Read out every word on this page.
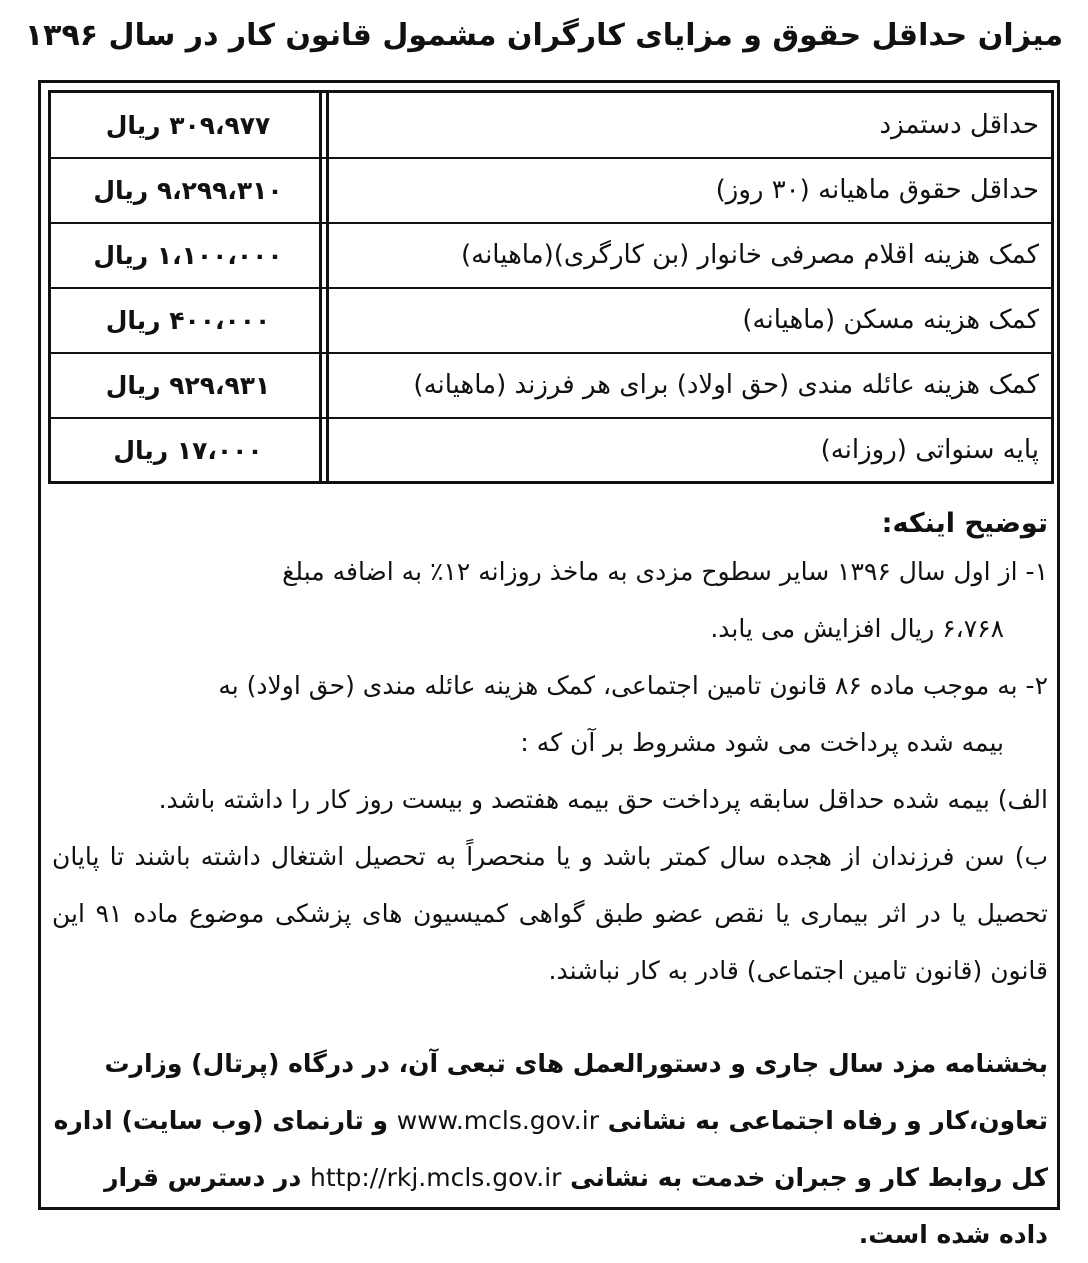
میزان حداقل حقوق و مزایای کارگران مشمول قانون کار در سال ۱۳۹۶
حداقل دستمزد
۳۰۹،۹۷۷ ریال
حداقل حقوق ماهیانه (۳۰ روز)
۹،۲۹۹،۳۱۰ ریال
کمک هزینه اقلام مصرفی خانوار (بن کارگری)(ماهیانه)
۱،۱۰۰،۰۰۰ ریال
کمک هزینه مسکن (ماهیانه)
۴۰۰،۰۰۰ ریال
کمک هزینه عائله مندی (حق اولاد) برای هر فرزند (ماهیانه)
۹۲۹،۹۳۱ ریال
پایه سنواتی (روزانه)
۱۷،۰۰۰ ریال
توضیح اینکه:

۱- از اول سال ۱۳۹۶ سایر سطوح مزدی به ماخذ روزانه ۱۲٪ به اضافه مبلغ

۶،۷۶۸ ریال افزایش می یابد.

۲- به موجب ماده ۸۶ قانون تامین اجتماعی، کمک هزینه عائله مندی (حق اولاد) به

بیمه شده پرداخت می شود مشروط بر آن که :

الف) بیمه شده حداقل سابقه پرداخت حق بیمه هفتصد و بیست روز کار را داشته باشد.

ب) سن فرزندان از هجده سال کمتر باشد و یا منحصراً به تحصیل اشتغال داشته باشند تا پایان تحصیل یا در اثر بیماری یا نقص عضو طبق گواهی کمیسیون های پزشکی موضوع ماده ۹۱ این قانون (قانون تامین اجتماعی) قادر به کار نباشند.

بخشنامه مزد سال جاری و دستورالعمل های تبعی آن، در درگاه (پرتال) وزارت تعاون،کار و رفاه اجتماعی به نشانی www.mcls.gov.ir و تارنمای (وب سایت) اداره کل روابط کار و جبران خدمت به نشانی http://rkj.mcls.gov.ir در دسترس قرار داده شده است.
